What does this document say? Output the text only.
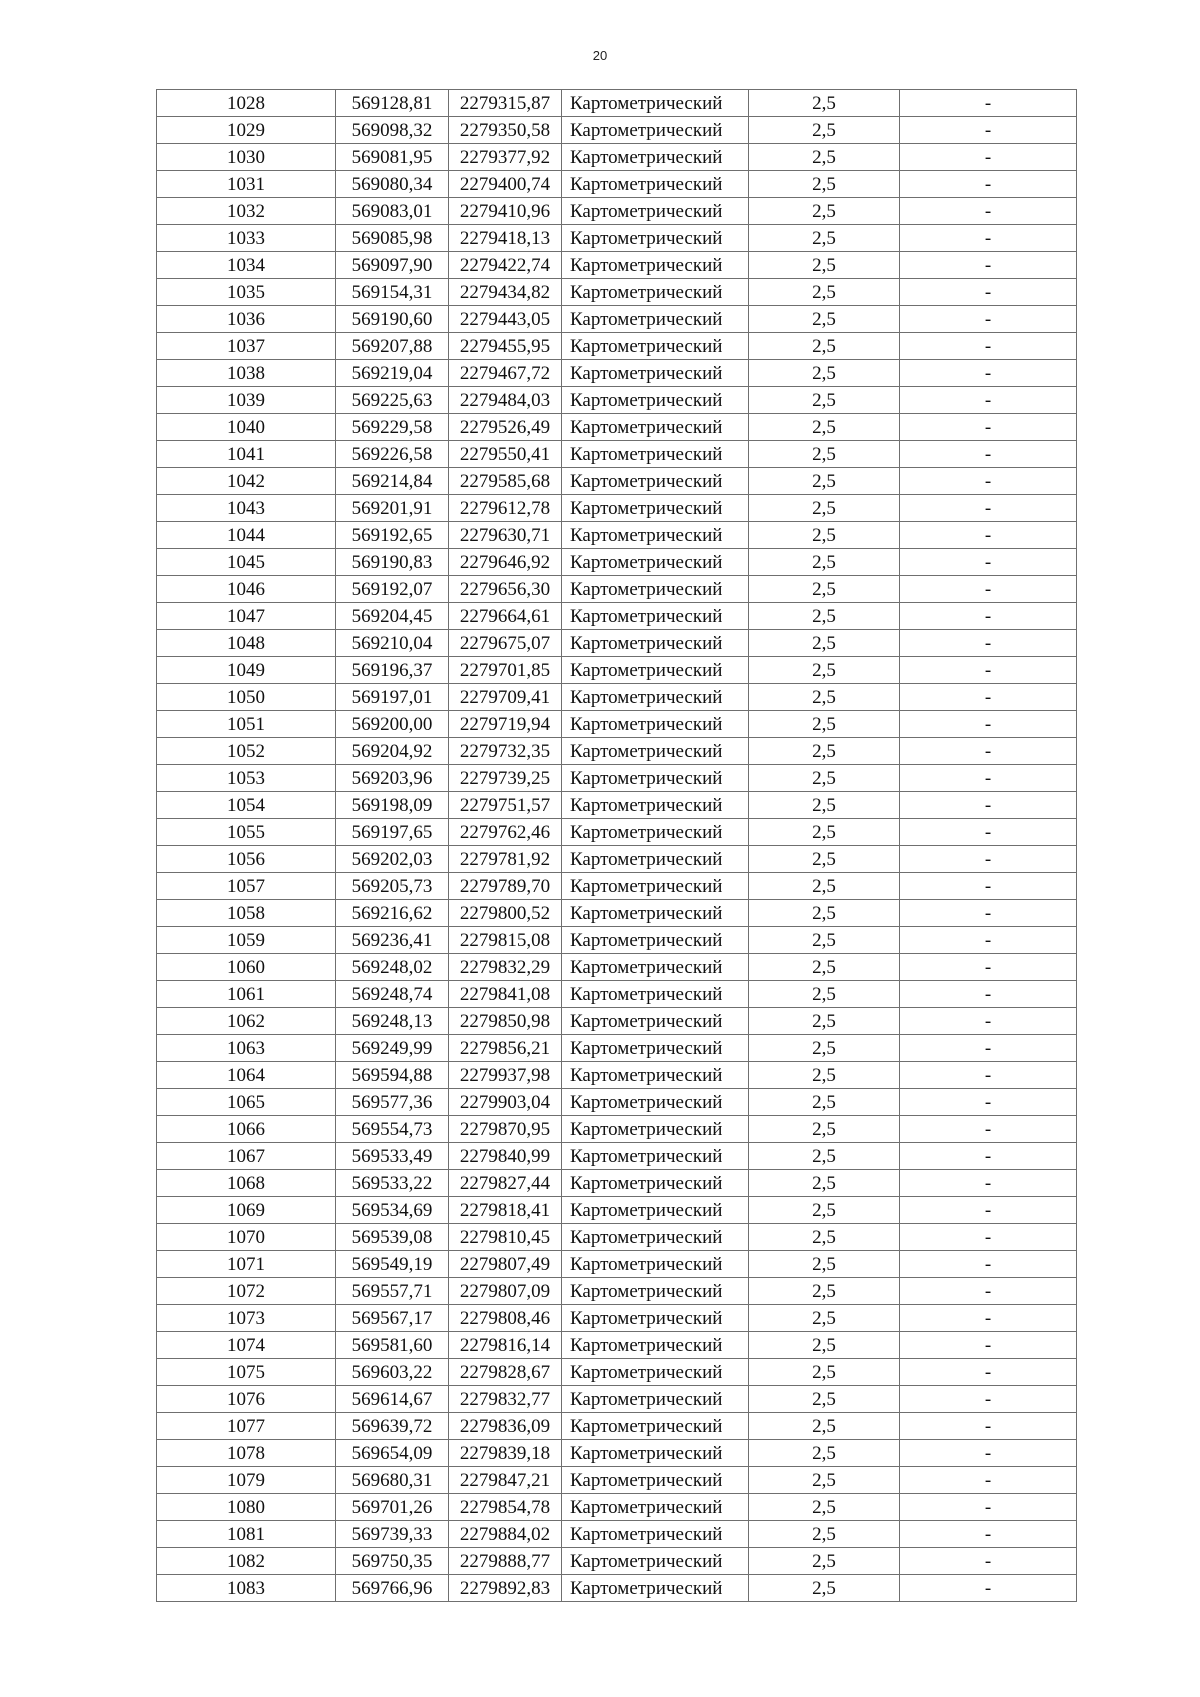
20
1028	569128,81	2279315,87	Картометрический	2,5	-
1029	569098,32	2279350,58	Картометрический	2,5	-
1030	569081,95	2279377,92	Картометрический	2,5	-
1031	569080,34	2279400,74	Картометрический	2,5	-
1032	569083,01	2279410,96	Картометрический	2,5	-
1033	569085,98	2279418,13	Картометрический	2,5	-
1034	569097,90	2279422,74	Картометрический	2,5	-
1035	569154,31	2279434,82	Картометрический	2,5	-
1036	569190,60	2279443,05	Картометрический	2,5	-
1037	569207,88	2279455,95	Картометрический	2,5	-
1038	569219,04	2279467,72	Картометрический	2,5	-
1039	569225,63	2279484,03	Картометрический	2,5	-
1040	569229,58	2279526,49	Картометрический	2,5	-
1041	569226,58	2279550,41	Картометрический	2,5	-
1042	569214,84	2279585,68	Картометрический	2,5	-
1043	569201,91	2279612,78	Картометрический	2,5	-
1044	569192,65	2279630,71	Картометрический	2,5	-
1045	569190,83	2279646,92	Картометрический	2,5	-
1046	569192,07	2279656,30	Картометрический	2,5	-
1047	569204,45	2279664,61	Картометрический	2,5	-
1048	569210,04	2279675,07	Картометрический	2,5	-
1049	569196,37	2279701,85	Картометрический	2,5	-
1050	569197,01	2279709,41	Картометрический	2,5	-
1051	569200,00	2279719,94	Картометрический	2,5	-
1052	569204,92	2279732,35	Картометрический	2,5	-
1053	569203,96	2279739,25	Картометрический	2,5	-
1054	569198,09	2279751,57	Картометрический	2,5	-
1055	569197,65	2279762,46	Картометрический	2,5	-
1056	569202,03	2279781,92	Картометрический	2,5	-
1057	569205,73	2279789,70	Картометрический	2,5	-
1058	569216,62	2279800,52	Картометрический	2,5	-
1059	569236,41	2279815,08	Картометрический	2,5	-
1060	569248,02	2279832,29	Картометрический	2,5	-
1061	569248,74	2279841,08	Картометрический	2,5	-
1062	569248,13	2279850,98	Картометрический	2,5	-
1063	569249,99	2279856,21	Картометрический	2,5	-
1064	569594,88	2279937,98	Картометрический	2,5	-
1065	569577,36	2279903,04	Картометрический	2,5	-
1066	569554,73	2279870,95	Картометрический	2,5	-
1067	569533,49	2279840,99	Картометрический	2,5	-
1068	569533,22	2279827,44	Картометрический	2,5	-
1069	569534,69	2279818,41	Картометрический	2,5	-
1070	569539,08	2279810,45	Картометрический	2,5	-
1071	569549,19	2279807,49	Картометрический	2,5	-
1072	569557,71	2279807,09	Картометрический	2,5	-
1073	569567,17	2279808,46	Картометрический	2,5	-
1074	569581,60	2279816,14	Картометрический	2,5	-
1075	569603,22	2279828,67	Картометрический	2,5	-
1076	569614,67	2279832,77	Картометрический	2,5	-
1077	569639,72	2279836,09	Картометрический	2,5	-
1078	569654,09	2279839,18	Картометрический	2,5	-
1079	569680,31	2279847,21	Картометрический	2,5	-
1080	569701,26	2279854,78	Картометрический	2,5	-
1081	569739,33	2279884,02	Картометрический	2,5	-
1082	569750,35	2279888,77	Картометрический	2,5	-
1083	569766,96	2279892,83	Картометрический	2,5	-
